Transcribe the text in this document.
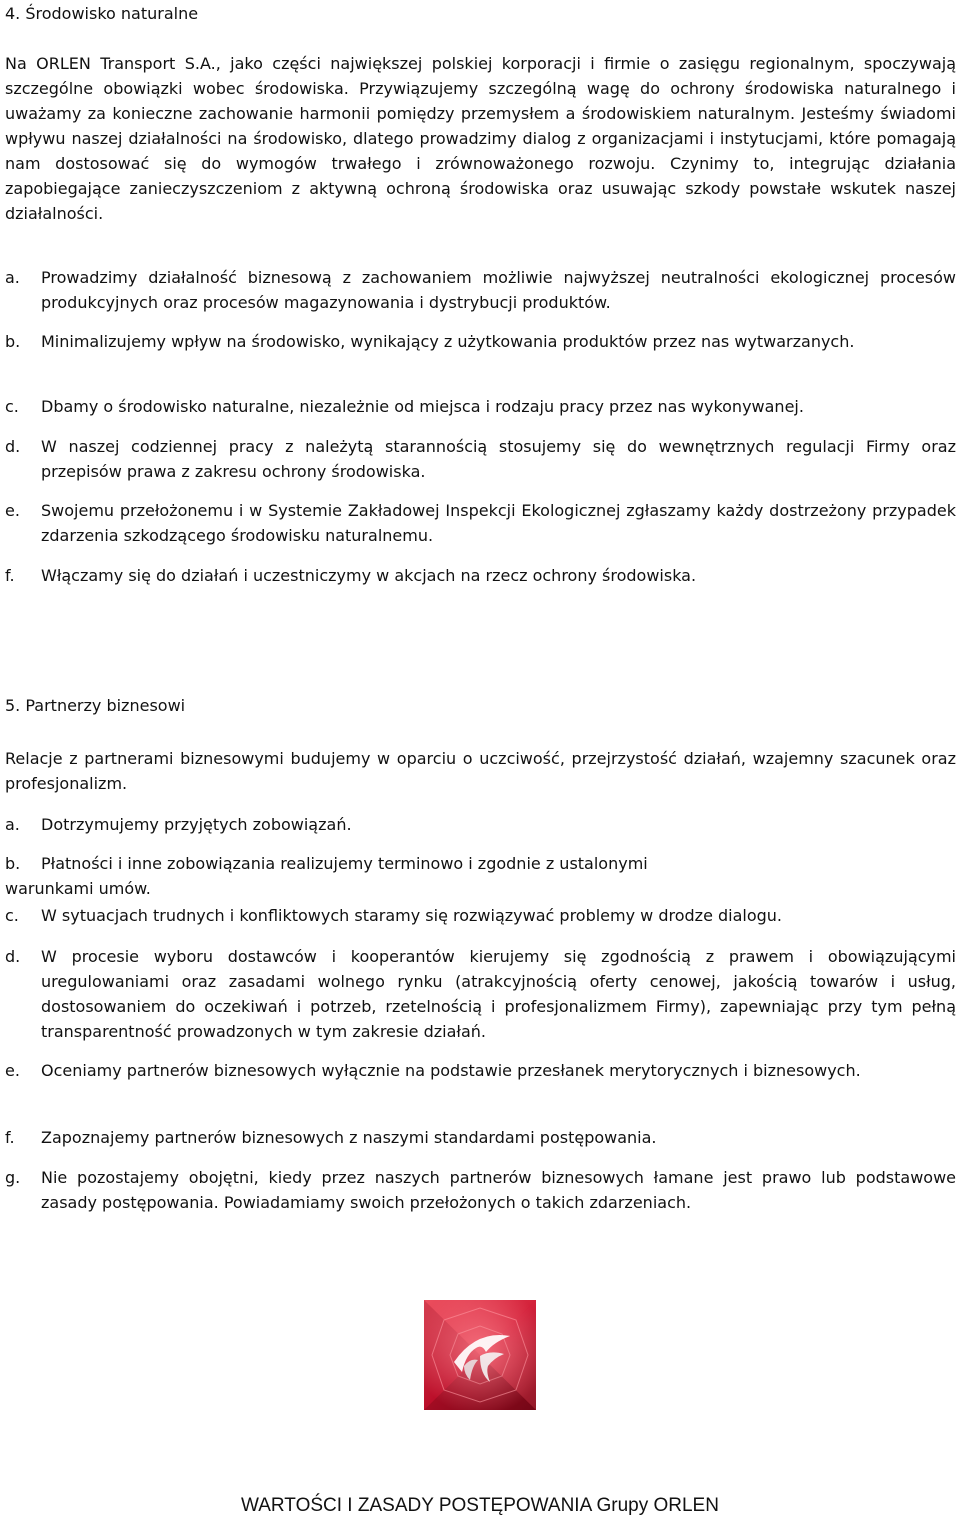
4. Środowisko naturalne
Na ORLEN Transport S.A., jako części największej polskiej korporacji i firmie o zasięgu regionalnym, spoczywają szczególne obowiązki wobec środowiska. Przywiązujemy szczególną wagę do ochrony środowiska naturalnego i uważamy za konieczne zachowanie harmonii pomiędzy przemysłem a środowiskiem naturalnym. Jesteśmy świadomi wpływu naszej działalności na środowisko, dlatego prowadzimy dialog z organizacjami i instytucjami, które pomagają nam dostosować się do wymogów trwałego i zrównoważonego rozwoju. Czynimy to, integrując działania zapobiegające zanieczyszczeniom z aktywną ochroną środowiska oraz usuwając szkody powstałe wskutek naszej działalności.
a. Prowadzimy działalność biznesową z zachowaniem możliwie najwyższej neutralności ekologicznej procesów produkcyjnych oraz procesów magazynowania i dystrybucji produktów.
b. Minimalizujemy wpływ na środowisko, wynikający z użytkowania produktów przez nas wytwarzanych.
c. Dbamy o środowisko naturalne, niezależnie od miejsca i rodzaju pracy przez nas wykonywanej.
d. W naszej codziennej pracy z należytą starannością stosujemy się do wewnętrznych regulacji Firmy oraz przepisów prawa z zakresu ochrony środowiska.
e. Swojemu przełożonemu i w Systemie Zakładowej Inspekcji Ekologicznej zgłaszamy każdy dostrzeżony przypadek zdarzenia szkodzącego środowisku naturalnemu.
f. Włączamy się do działań i uczestniczymy w akcjach na rzecz ochrony środowiska.
5. Partnerzy biznesowi
Relacje z partnerami biznesowymi budujemy w oparciu o uczciwość, przejrzystość działań, wzajemny szacunek oraz profesjonalizm.
a. Dotrzymujemy przyjętych zobowiązań.
b.	Płatności i inne zobowiązania realizujemy terminowo i zgodnie z ustalonymi warunkami umów.
c. W sytuacjach trudnych i konfliktowych staramy się rozwiązywać problemy w drodze dialogu.
d. W procesie wyboru dostawców i kooperantów kierujemy się zgodnością z prawem i obowiązującymi uregulowaniami oraz zasadami wolnego rynku (atrakcyjnością oferty cenowej, jakością towarów i usług, dostosowaniem do oczekiwań i potrzeb, rzetelnością i profesjonalizmem Firmy), zapewniając przy tym pełną transparentność prowadzonych w tym zakresie działań.
e. Oceniamy partnerów biznesowych wyłącznie na podstawie przesłanek merytorycznych i biznesowych.
f. Zapoznajemy partnerów biznesowych z naszymi standardami postępowania.
g. Nie pozostajemy obojętni, kiedy przez naszych partnerów biznesowych łamane jest prawo lub podstawowe zasady postępowania. Powiadamiamy swoich przełożonych o takich zdarzeniach.
WARTOŚCI I ZASADY POSTĘPOWANIA Grupy ORLEN
